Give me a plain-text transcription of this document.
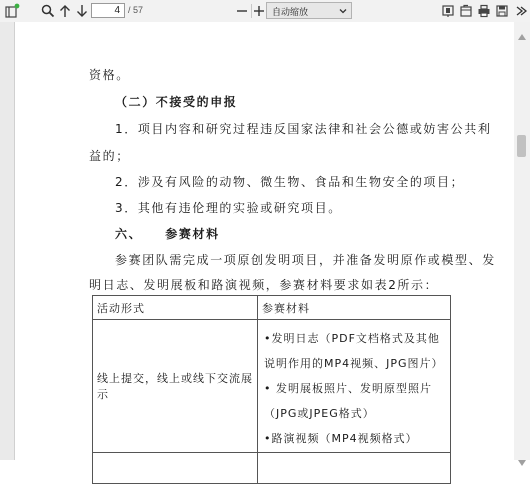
4 / 57	自动缩放
资格。
（二）不接受的申报
1．项目内容和研究过程违反国家法律和社会公德或妨害公共利
益的；
2．涉及有风险的动物、微生物、食品和生物安全的项目；
3．其他有违伦理的实验或研究项目。
六、    参赛材料
参赛团队需完成一项原创发明项目，并准备发明原作或模型、发
明日志、发明展板和路演视频，参赛材料要求如表2所示：
活动形式	参赛材料
线上提交，线上或线下交流展示	•发明日志（PDF文档格式及其他
说明作用的MP4视频、JPG图片）
• 发明展板照片、发明原型照片
（JPG或JPEG格式）
•路演视频（MP4视频格式）
